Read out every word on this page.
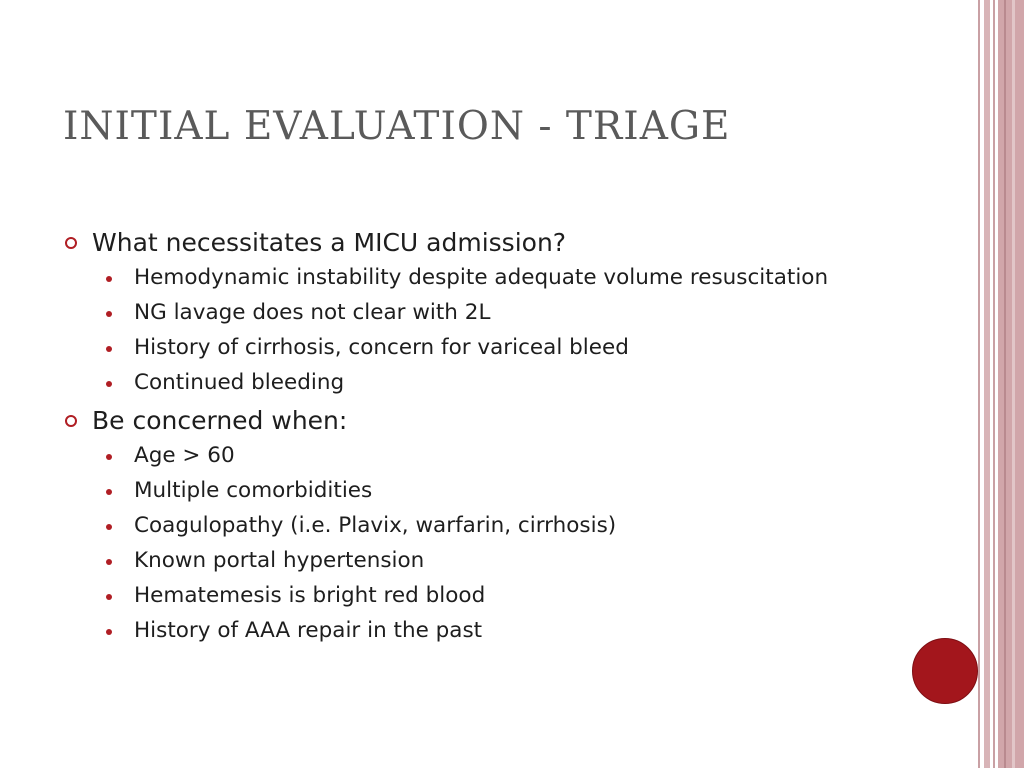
INITIAL EVALUATION - TRIAGE
What necessitates a MICU admission?
Hemodynamic instability despite adequate volume resuscitation
NG lavage does not clear with 2L
History of cirrhosis, concern for variceal bleed
Continued bleeding
Be concerned when:
Age > 60
Multiple comorbidities
Coagulopathy (i.e. Plavix, warfarin, cirrhosis)
Known portal hypertension
Hematemesis is bright red blood
History of AAA repair in the past
